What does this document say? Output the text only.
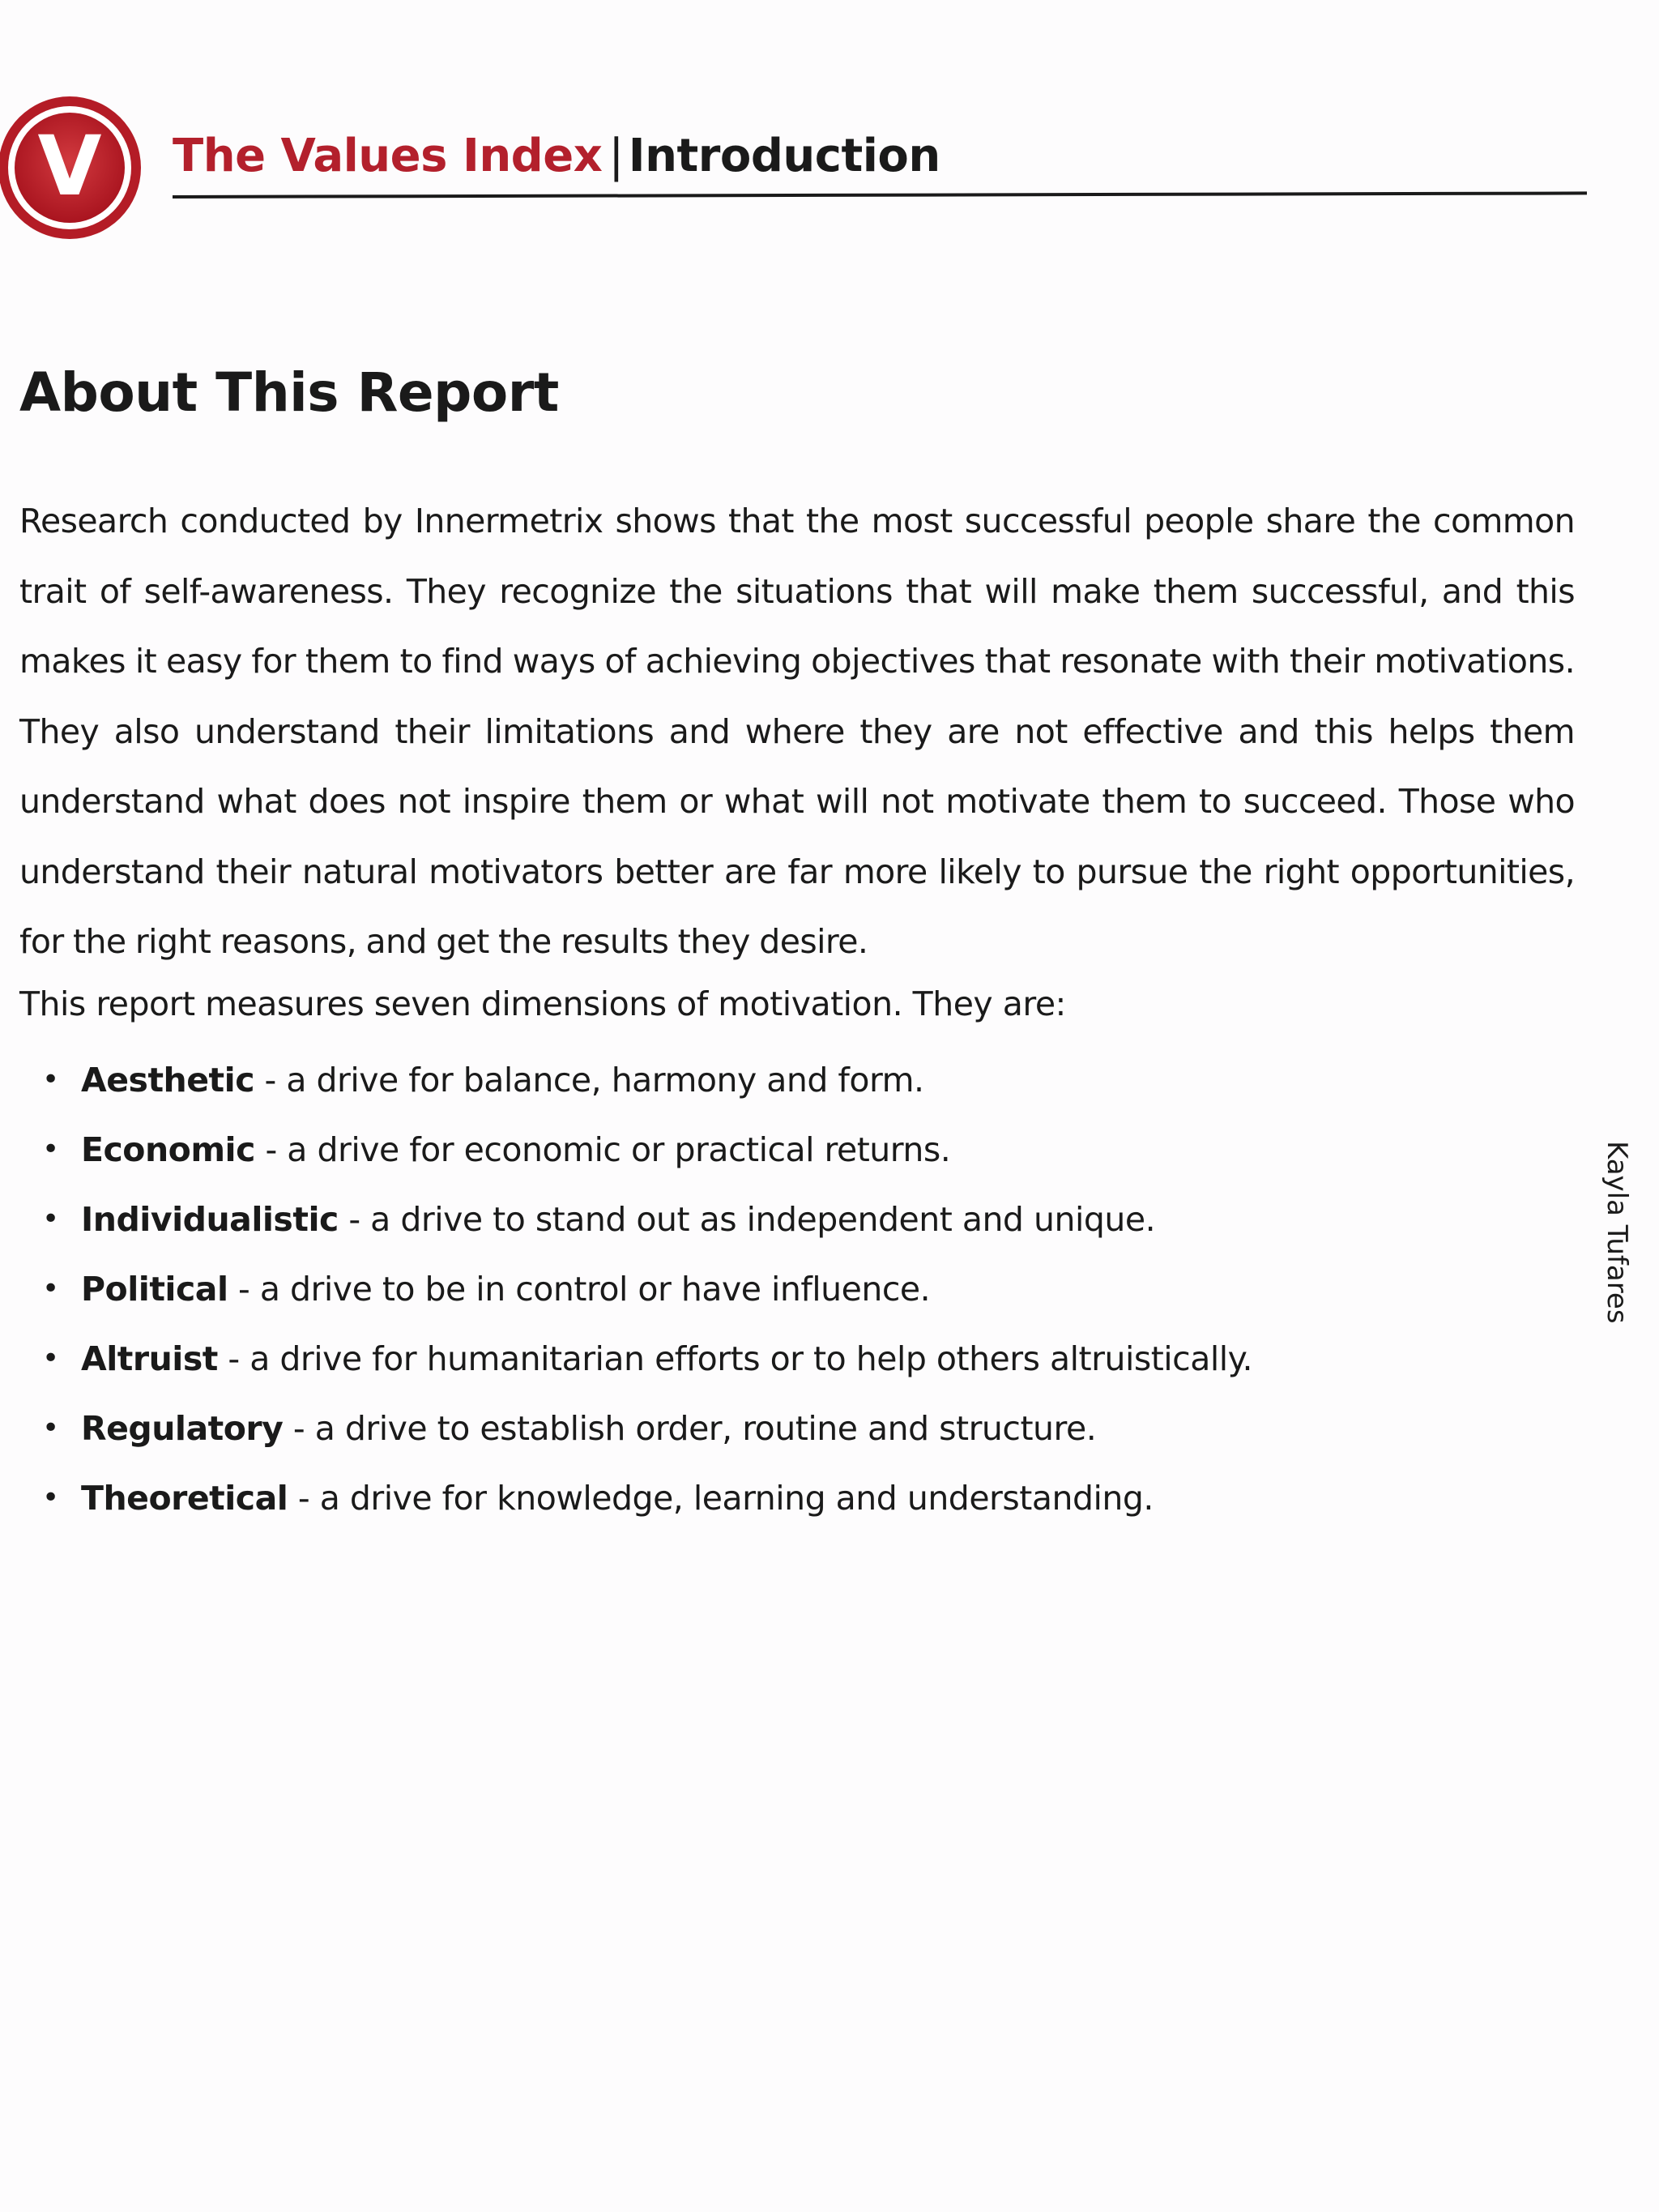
V The Values Index | Introduction
About This Report
Research conducted by Innermetrix shows that the most successful people share the common trait of self-awareness. They recognize the situations that will make them successful, and this makes it easy for them to find ways of achieving objectives that resonate with their motivations. They also understand their limitations and where they are not effective and this helps them understand what does not inspire them or what will not motivate them to succeed. Those who understand their natural motivators better are far more likely to pursue the right opportunities, for the right reasons, and get the results they desire.
This report measures seven dimensions of motivation. They are:
• Aesthetic - a drive for balance, harmony and form.
• Economic - a drive for economic or practical returns.
• Individualistic - a drive to stand out as independent and unique.
• Political - a drive to be in control or have influence.
• Altruist - a drive for humanitarian efforts or to help others altruistically.
• Regulatory - a drive to establish order, routine and structure.
• Theoretical - a drive for knowledge, learning and understanding.
Kayla Tufares
